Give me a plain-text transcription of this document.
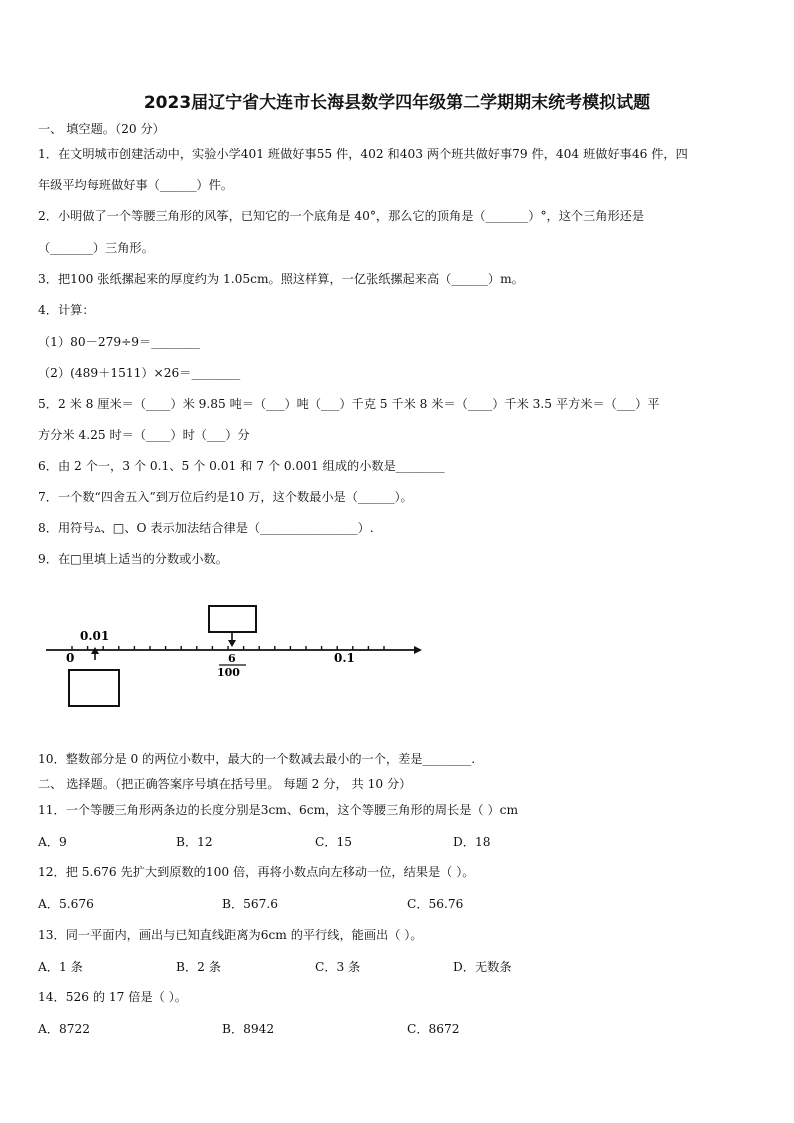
2023届辽宁省大连市长海县数学四年级第二学期期末统考模拟试题
一、 填空题。（20 分）
1．在文明城市创建活动中，实验小学401 班做好事55 件，402 和403 两个班共做好事79 件，404 班做好事46 件，四
年级平均每班做好事（______）件。
2．小明做了一个等腰三角形的风筝，已知它的一个底角是 40°，那么它的顶角是（_______）°，这个三角形还是
（_______）三角形。
3．把100 张纸摞起来的厚度约为 1.05cm。照这样算，一亿张纸摞起来高（______）m。
4．计算：
（1）80－279÷9＝________
（2）(489＋1511）×26＝________
5．2 米 8 厘米＝（____）米 9.85 吨＝（___）吨（___）千克 5 千米 8 米＝（____）千米 3.5 平方米＝（___）平
方分米 4.25 时＝（____）时（___）分
6．由 2 个一，3 个 0.1、5 个 0.01 和 7 个 0.001 组成的小数是________
7．一个数“四舍五入”到万位后约是10 万，这个数最小是（______）。
8．用符号▵、□、O 表示加法结合律是（________________）.
9．在□里填上适当的分数或小数。
0.01
0	6
100
0.1
10．整数部分是 0 的两位小数中，最大的一个数减去最小的一个，差是________.
二、 选择题。（把正确答案序号填在括号里。 每题 2 分， 共 10 分）
11．一个等腰三角形两条边的长度分别是3cm、6cm，这个等腰三角形的周长是（ ）cm
A．9	B．12	C．15	D．18
12．把 5.676 先扩大到原数的100 倍，再将小数点向左移动一位，结果是（ ）。
A．5.676	B．567.6	C．56.76
13．同一平面内，画出与已知直线距离为6cm 的平行线，能画出（ ）。
A．1 条	B．2 条	C．3 条	D．无数条
14．526 的 17 倍是（ ）。
A．8722	B．8942	C．8672
